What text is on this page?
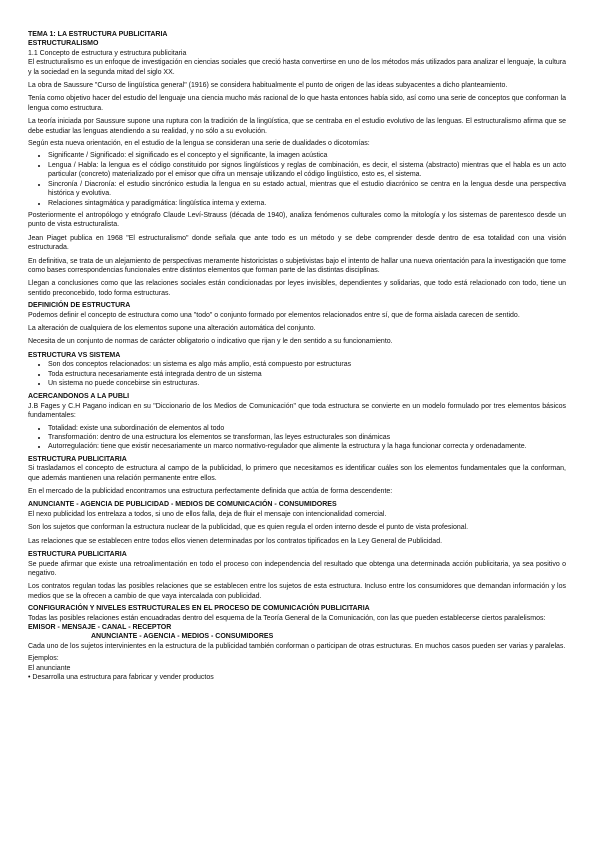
TEMA 1: LA ESTRUCTURA PUBLICITARIA
ESTRUCTURALISMO
1.1 Concepto de estructura y estructura publicitaria

El estructuralismo es un enfoque de investigación en ciencias sociales que creció hasta convertirse en uno de los métodos más utilizados para analizar el lenguaje, la cultura y la sociedad en la segunda mitad del siglo XX.

La obra de Saussure "Curso de lingüística general" (1916) se considera habitualmente el punto de origen de las ideas subyacentes a dicho planteamiento.

Tenía como objetivo hacer del estudio del lenguaje una ciencia mucho más racional de lo que hasta entonces había sido, así como una serie de conceptos que conforman la lengua como estructura.

La teoría iniciada por Saussure supone una ruptura con la tradición de la lingüística, que se centraba en el estudio evolutivo de las lenguas. El estructuralismo afirma que se debe estudiar las lenguas atendiendo a su realidad, y no sólo a su evolución.

Según esta nueva orientación, en el estudio de la lengua se consideran una serie de dualidades o dicotomías:

• Significante / Significado: el significado es el concepto y el significante, la imagen acústica
• Lengua / Habla: la lengua es el código constituido por signos lingüísticos y reglas de combinación, es decir, el sistema (abstracto) mientras que el habla es un acto particular (concreto) materializado por el emisor que cifra un mensaje utilizando el código lingüístico, esto es, el sistema.
• Sincronía / Diacronía: el estudio sincrónico estudia la lengua en su estado actual, mientras que el estudio diacrónico se centra en la lengua desde una perspectiva histórica y evolutiva.
• Relaciones sintagmática y paradigmática: lingüística interna y externa.

Posteriormente el antropólogo y etnógrafo Claude Leví-Strauss (década de 1940), analiza fenómenos culturales como la mitología y los sistemas de parentesco desde un punto de vista estructuralista.

Jean Piaget publica en 1968 "El estructuralismo" donde señala que ante todo es un método y se debe comprender desde dentro de esa totalidad con una visión estructurada.

En definitiva, se trata de un alejamiento de perspectivas meramente historicistas o subjetivistas bajo el intento de hallar una nueva orientación para la investigación que tome como bases correspondencias funcionales entre distintos elementos que forman parte de las distintas disciplinas.

Llegan a conclusiones como que las relaciones sociales están condicionadas por leyes invisibles, dependientes y solidarias, que todo está relacionado con todo, tiene un sentido preconcebido, todo forma estructuras.

DEFINICIÓN DE ESTRUCTURA

Podemos definir el concepto de estructura como una "todo" o conjunto formado por elementos relacionados entre sí, que de forma aislada carecen de sentido.

La alteración de cualquiera de los elementos supone una alteración automática del conjunto.

Necesita de un conjunto de normas de carácter obligatorio o indicativo que rijan y le den sentido a su funcionamiento.

ESTRUCTURA VS SISTEMA
• Son dos conceptos relacionados: un sistema es algo más amplio, está compuesto por estructuras
• Toda estructura necesariamente está integrada dentro de un sistema
• Un sistema no puede concebirse sin estructuras.
ACERCANDONOS A LA PUBLI

J.B Fages y C.H Pagano indican en su "Diccionario de los Medios de Comunicación" que toda estructura se convierte en un modelo formulado por tres elementos básicos fundamentales:

• Totalidad: existe una subordinación de elementos al todo
• Transformación: dentro de una estructura los elementos se transforman, las leyes estructurales son dinámicas
• Autorregulación: tiene que existir necesariamente un marco normativo-regulador que alimente la estructura y la haga funcionar correcta y ordenadamente.
ESTRUCTURA PUBLICITARIA

Si trasladamos el concepto de estructura al campo de la publicidad, lo primero que necesitamos es identificar cuáles son los elementos fundamentales que la conforman, que además mantienen una relación permanente entre ellos.

En el mercado de la publicidad encontramos una estructura perfectamente definida que actúa de forma descendente:

ANUNCIANTE - AGENCIA DE PUBLICIDAD - MEDIOS DE COMUNICACIÓN - CONSUMIDORES

El nexo publicidad los entrelaza a todos, si uno de ellos falla, deja de fluir el mensaje con intencionalidad comercial.

Son los sujetos que conforman la estructura nuclear de la publicidad, que es quien regula el orden interno desde el punto de vista profesional.

Las relaciones que se establecen entre todos ellos vienen determinadas por los contratos tipificados en la Ley General de Publicidad.

ESTRUCTURA PUBLICITARIA

Se puede afirmar que existe una retroalimentación en todo el proceso con independencia del resultado que obtenga una determinada acción publicitaria, ya sea positivo o negativo.

Los contratos regulan todas las posibles relaciones que se establecen entre los sujetos de esta estructura. Incluso entre los consumidores que demandan información y los medios que se la ofrecen a cambio de que vaya intercalada con publicidad.

CONFIGURACIÓN Y NIVELES ESTRUCTURALES EN EL PROCESO DE COMUNICACIÓN PUBLICITARIA

Todas las posibles relaciones están encuadradas dentro del esquema de la Teoría General de la Comunicación, con las que pueden establecerse ciertos paralelismos:

EMISOR - MENSAJE - CANAL - RECEPTOR
ANUNCIANTE - AGENCIA - MEDIOS - CONSUMIDORES

Cada uno de los sujetos intervinientes en la estructura de la publicidad también conforman o participan de otras estructuras. En muchos casos pueden ser varias y paralelas.

Ejemplos:
El anunciante
• Desarrolla una estructura para fabricar y vender productos
